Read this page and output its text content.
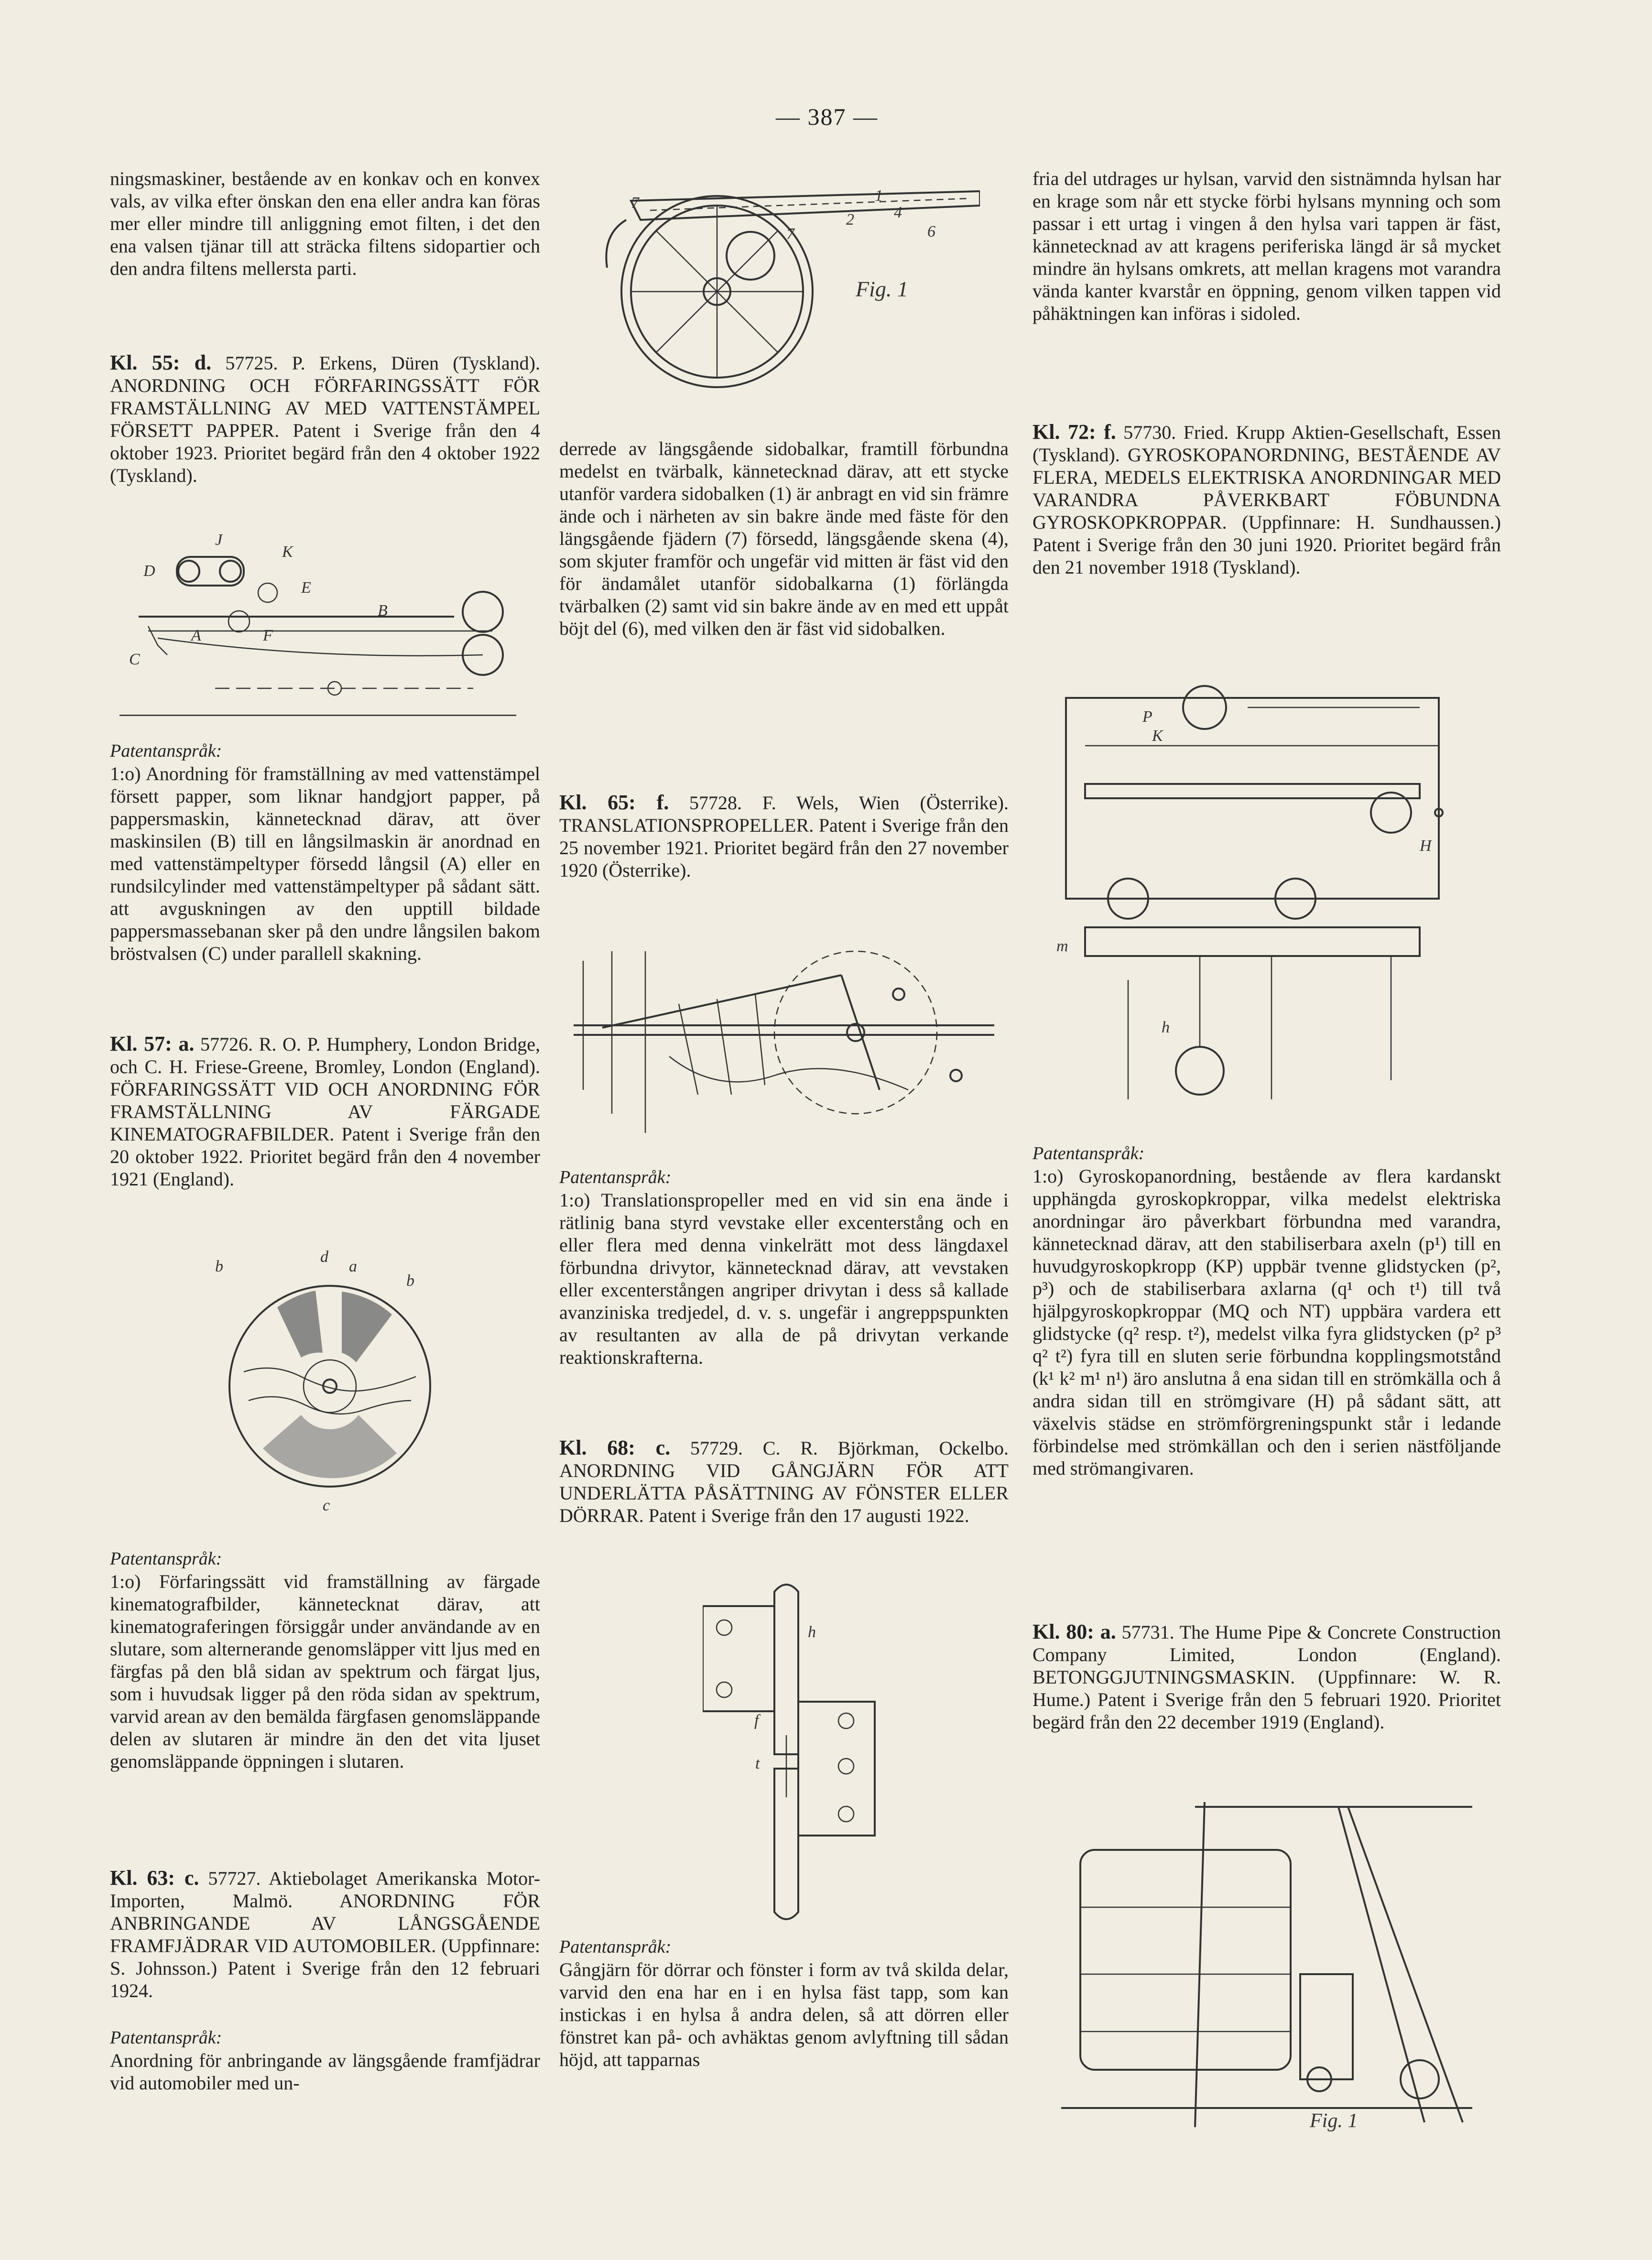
— 387 —

ningsmaskiner, bestående av en konkav och en konvex vals, av vilka efter önskan den ena eller andra kan föras mer eller mindre till anliggning emot filten, i det den ena valsen tjänar till att sträcka filtens sidopartier och den andra filtens mellersta parti.

Kl. 55: d. 57725. P. Erkens, Düren (Tyskland). ANORDNING OCH FÖRFARINGSSÄTT FÖR FRAMSTÄLLNING AV MED VATTENSTÄMPEL FÖRSETT PAPPER. Patent i Sverige från den 4 oktober 1923. Prioritet begärd från den 4 oktober 1922 (Tyskland).

J
K
D
E
B
C
A	F
Patentanspråk:

1:o) Anordning för framställning av med vattenstämpel försett papper, som liknar handgjort papper, på pappersmaskin, kännetecknad därav, att över maskinsilen (B) till en långsilmaskin är anordnad en med vattenstämpeltyper försedd långsil (A) eller en rundsilcylinder med vattenstämpeltyper på sådant sätt. att avguskningen av den upptill bildade pappersmassebanan sker på den undre långsilen bakom bröstvalsen (C) under parallell skakning.

Kl. 57: a. 57726. R. O. P. Humphery, London Bridge, och C. H. Friese-Greene, Bromley, London (England). FÖRFARINGSSÄTT VID OCH ANORDNING FÖR FRAMSTÄLLNING AV FÄRGADE KINEMATOGRAFBILDER. Patent i Sverige från den 20 oktober 1922. Prioritet begärd från den 4 november 1921 (England).

b
d
a
b
c
Patentanspråk:

1:o) Förfaringssätt vid framställning av färgade kinematografbilder, kännetecknat därav, att kinematograferingen försiggår under användande av en slutare, som alternerande genomsläpper vitt ljus med en färgfas på den blå sidan av spektrum och färgat ljus, som i huvudsak ligger på den röda sidan av spektrum, varvid arean av den bemälda färgfasen genomsläppande delen av slutaren är mindre än den det vita ljuset genomsläppande öppningen i slutaren.

Kl. 63: c. 57727. Aktiebolaget Amerikanska Motor-Importen, Malmö. ANORDNING FÖR ANBRINGANDE AV LÅNGSGÅENDE FRAMFJÄDRAR VID AUTOMOBILER. (Uppfinnare: S. Johnsson.) Patent i Sverige från den 12 februari 1924.

Patentanspråk:

Anordning för anbringande av längsgående framfjädrar vid automobiler med un-

7
4
6
7
2
1
Fig. 1

derrede av längsgående sidobalkar, framtill förbundna medelst en tvärbalk, kännetecknad därav, att ett stycke utanför vardera sidobalken (1) är anbragt en vid sin främre ände och i närheten av sin bakre ände med fäste för den längsgående fjädern (7) försedd, längsgående skena (4), som skjuter framför och ungefär vid mitten är fäst vid den för ändamålet utanför sidobalkarna (1) förlängda tvärbalken (2) samt vid sin bakre ände av en med ett uppåt böjt del (6), med vilken den är fäst vid sidobalken.

Kl. 65: f. 57728. F. Wels, Wien (Österrike). TRANSLATIONSPROPELLER. Patent i Sverige från den 25 november 1921. Prioritet begärd från den 27 november 1920 (Österrike).

Patentanspråk:

1:o) Translationspropeller med en vid sin ena ände i rätlinig bana styrd vevstake eller excenterstång och en eller flera med denna vinkelrätt mot dess längdaxel förbundna drivytor, kännetecknad därav, att vevstaken eller excenterstången angriper drivytan i dess så kallade avanziniska tredjedel, d. v. s. ungefär i angreppspunkten av resultanten av alla de på drivytan verkande reaktionskrafterna.

Kl. 68: c. 57729. C. R. Björkman, Ockelbo. ANORDNING VID GÅNGJÄRN FÖR ATT UNDERLÄTTA PÅSÄTTNING AV FÖNSTER ELLER DÖRRAR. Patent i Sverige från den 17 augusti 1922.

h
f
t
Patentanspråk:

Gångjärn för dörrar och fönster i form av två skilda delar, varvid den ena har en i en hylsa fäst tapp, som kan instickas i en hylsa å andra delen, så att dörren eller fönstret kan på- och avhäktas genom avlyftning till sådan höjd, att tapparnas

fria del utdrages ur hylsan, varvid den sistnämnda hylsan har en krage som når ett stycke förbi hylsans mynning och som passar i ett urtag i vingen å den hylsa vari tappen är fäst, kännetecknad av att kragens periferiska längd är så mycket mindre än hylsans omkrets, att mellan kragens mot varandra vända kanter kvarstår en öppning, genom vilken tappen vid påhäktningen kan införas i sidoled.

Kl. 72: f. 57730. Fried. Krupp Aktien-Gesellschaft, Essen (Tyskland). GYROSKOPANORDNING, BESTÅENDE AV FLERA, MEDELS ELEKTRISKA ANORDNINGAR MED VARANDRA PÅVERKBART FÖBUNDNA GYROSKOPKROPPAR. (Uppfinnare: H. Sundhaussen.) Patent i Sverige från den 30 juni 1920. Prioritet begärd från den 21 november 1918 (Tyskland).

P
K
H
m
h
Patentanspråk:

1:o) Gyroskopanordning, bestående av flera kardanskt upphängda gyroskopkroppar, vilka medelst elektriska anordningar äro påverkbart förbundna med varandra, kännetecknad därav, att den stabiliserbara axeln (p¹) till en huvudgyroskopkropp (KP) uppbär tvenne glidstycken (p², p³) och de stabiliserbara axlarna (q¹ och t¹) till två hjälpgyroskopkroppar (MQ och NT) uppbära vardera ett glidstycke (q² resp. t²), medelst vilka fyra glidstycken (p² p³ q² t²) fyra till en sluten serie förbundna kopplingsmotstånd (k¹ k² m¹ n¹) äro anslutna å ena sidan till en strömkälla och å andra sidan till en strömgivare (H) på sådant sätt, att växelvis städse en strömförgreningspunkt står i ledande förbindelse med strömkällan och den i serien nästföljande med strömangivaren.

Kl. 80: a. 57731. The Hume Pipe & Concrete Construction Company Limited, London (England). BETONGGJUTNINGSMASKIN. (Uppfinnare: W. R. Hume.) Patent i Sverige från den 5 februari 1920. Prioritet begärd från den 22 december 1919 (England).

Fig. 1
